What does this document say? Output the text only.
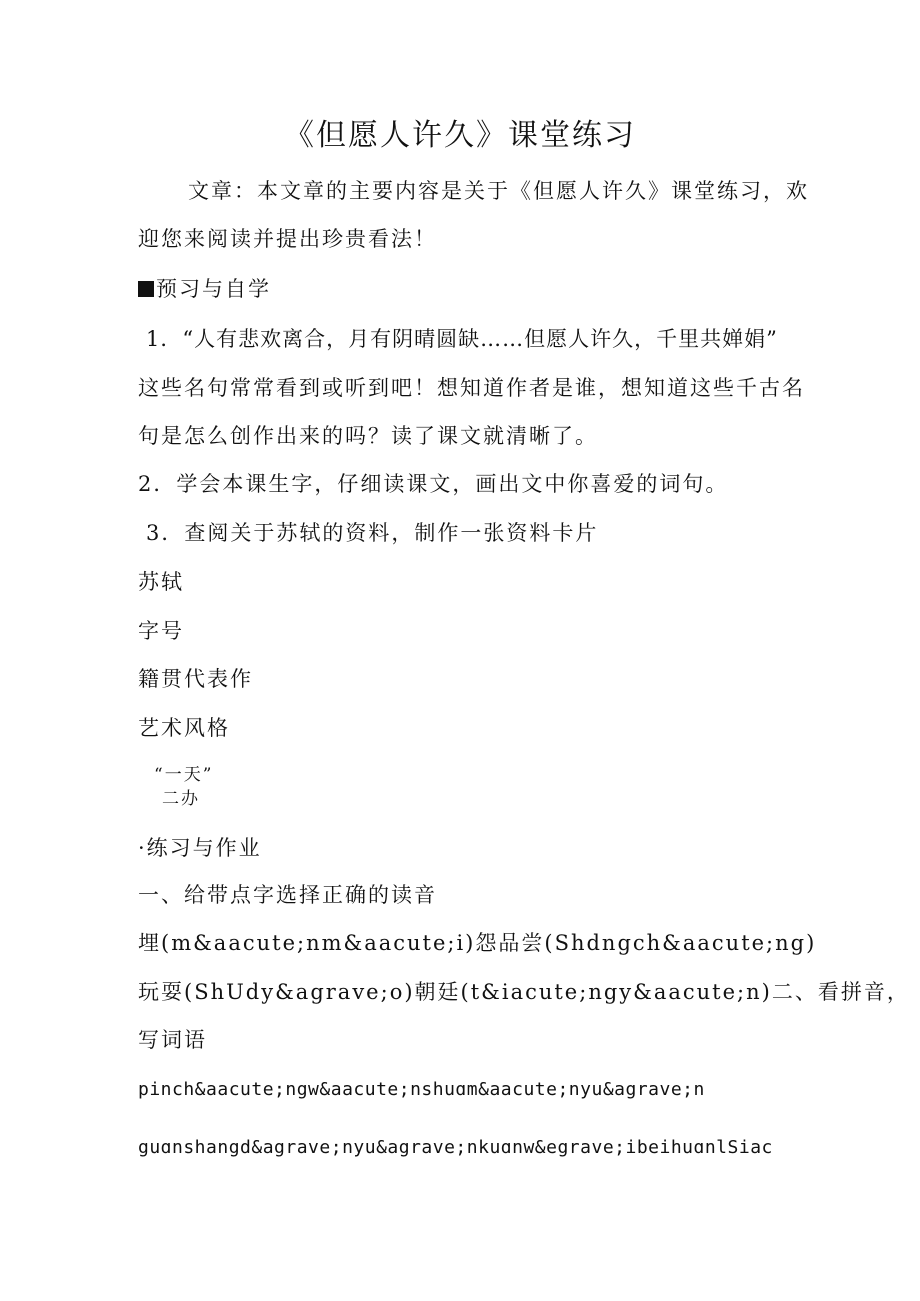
《但愿人许久》课堂练习
文章：本文章的主要内容是关于《但愿人许久》课堂练习，欢
迎您来阅读并提出珍贵看法！
预习与自学
1．“人有悲欢离合，月有阴晴圆缺……但愿人许久，千里共婵娟”
这些名句常常看到或听到吧！想知道作者是谁，想知道这些千古名
句是怎么创作出来的吗？读了课文就清晰了。
2．学会本课生字，仔细读课文，画出文中你喜爱的词句。
3．查阅关于苏轼的资料，制作一张资料卡片
苏轼
字号
籍贯代表作
艺术风格
“一天”
二办
·练习与作业
一、给带点字选择正确的读音
埋(m&aacute;nm&aacute;i)怨品尝(Shdngch&aacute;ng)
玩耍(ShUdy&agrave;o)朝廷(t&iacute;ngy&aacute;n)二、看拼音，
写词语
pinch&aacute;ngw&aacute;nshuɑm&aacute;nyu&agrave;n
guɑnshangd&agrave;nyu&agrave;nkuɑnw&egrave;ibeihuɑnlSiac
